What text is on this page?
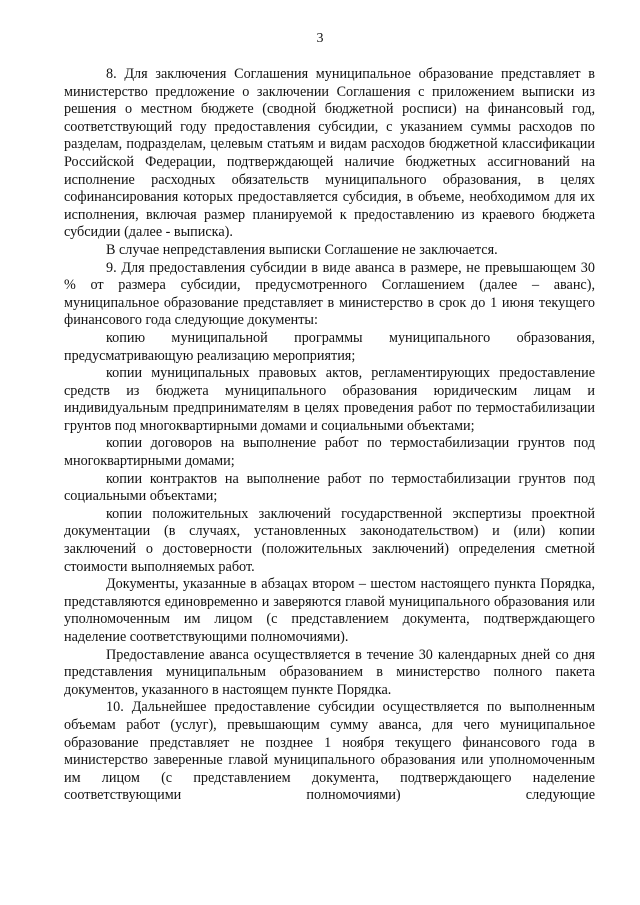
3

8. Для заключения Соглашения муниципальное образование представляет в министерство предложение о заключении Соглашения с приложением выписки из решения о местном бюджете (сводной бюджетной росписи) на финансовый год, соответствующий году предоставления субсидии, с указанием суммы расходов по разделам, подразделам, целевым статьям и видам расходов бюджетной классификации Российской Федерации, подтверждающей наличие бюджетных ассигнований на исполнение расходных обязательств муниципального образования, в целях софинансирования которых предоставляется субсидия, в объеме, необходимом для их исполнения, включая размер планируемой к предоставлению из краевого бюджета субсидии (далее - выписка).

В случае непредставления выписки Соглашение не заключается.

9. Для предоставления субсидии в виде аванса в размере, не превышающем 30 % от размера субсидии, предусмотренного Соглашением (далее – аванс), муниципальное образование представляет в министерство в срок до 1 июня текущего финансового года следующие документы:

копию муниципальной программы муниципального образования, предусматривающую реализацию мероприятия;

копии муниципальных правовых актов, регламентирующих предоставление средств из бюджета муниципального образования юридическим лицам и индивидуальным предпринимателям в целях проведения работ по термостабилизации грунтов под многоквартирными домами и социальными объектами;

копии договоров на выполнение работ по термостабилизации грунтов под многоквартирными домами;

копии контрактов на выполнение работ по термостабилизации грунтов под социальными объектами;

копии положительных заключений государственной экспертизы проектной документации (в случаях, установленных законодательством) и (или) копии заключений о достоверности (положительных заключений) определения сметной стоимости выполняемых работ.

Документы, указанные в абзацах втором – шестом настоящего пункта Порядка, представляются единовременно и заверяются главой муниципального образования или уполномоченным им лицом (с представлением документа, подтверждающего наделение соответствующими полномочиями).

Предоставление аванса осуществляется в течение 30 календарных дней со дня представления муниципальным образованием в министерство полного пакета документов, указанного в настоящем пункте Порядка.

10. Дальнейшее предоставление субсидии осуществляется по выполненным объемам работ (услуг), превышающим сумму аванса, для чего муниципальное образование представляет не позднее 1 ноября текущего финансового года в министерство заверенные главой муниципального образования или уполномоченным им лицом (с представлением документа, подтверждающего наделение соответствующими полномочиями) следующие
